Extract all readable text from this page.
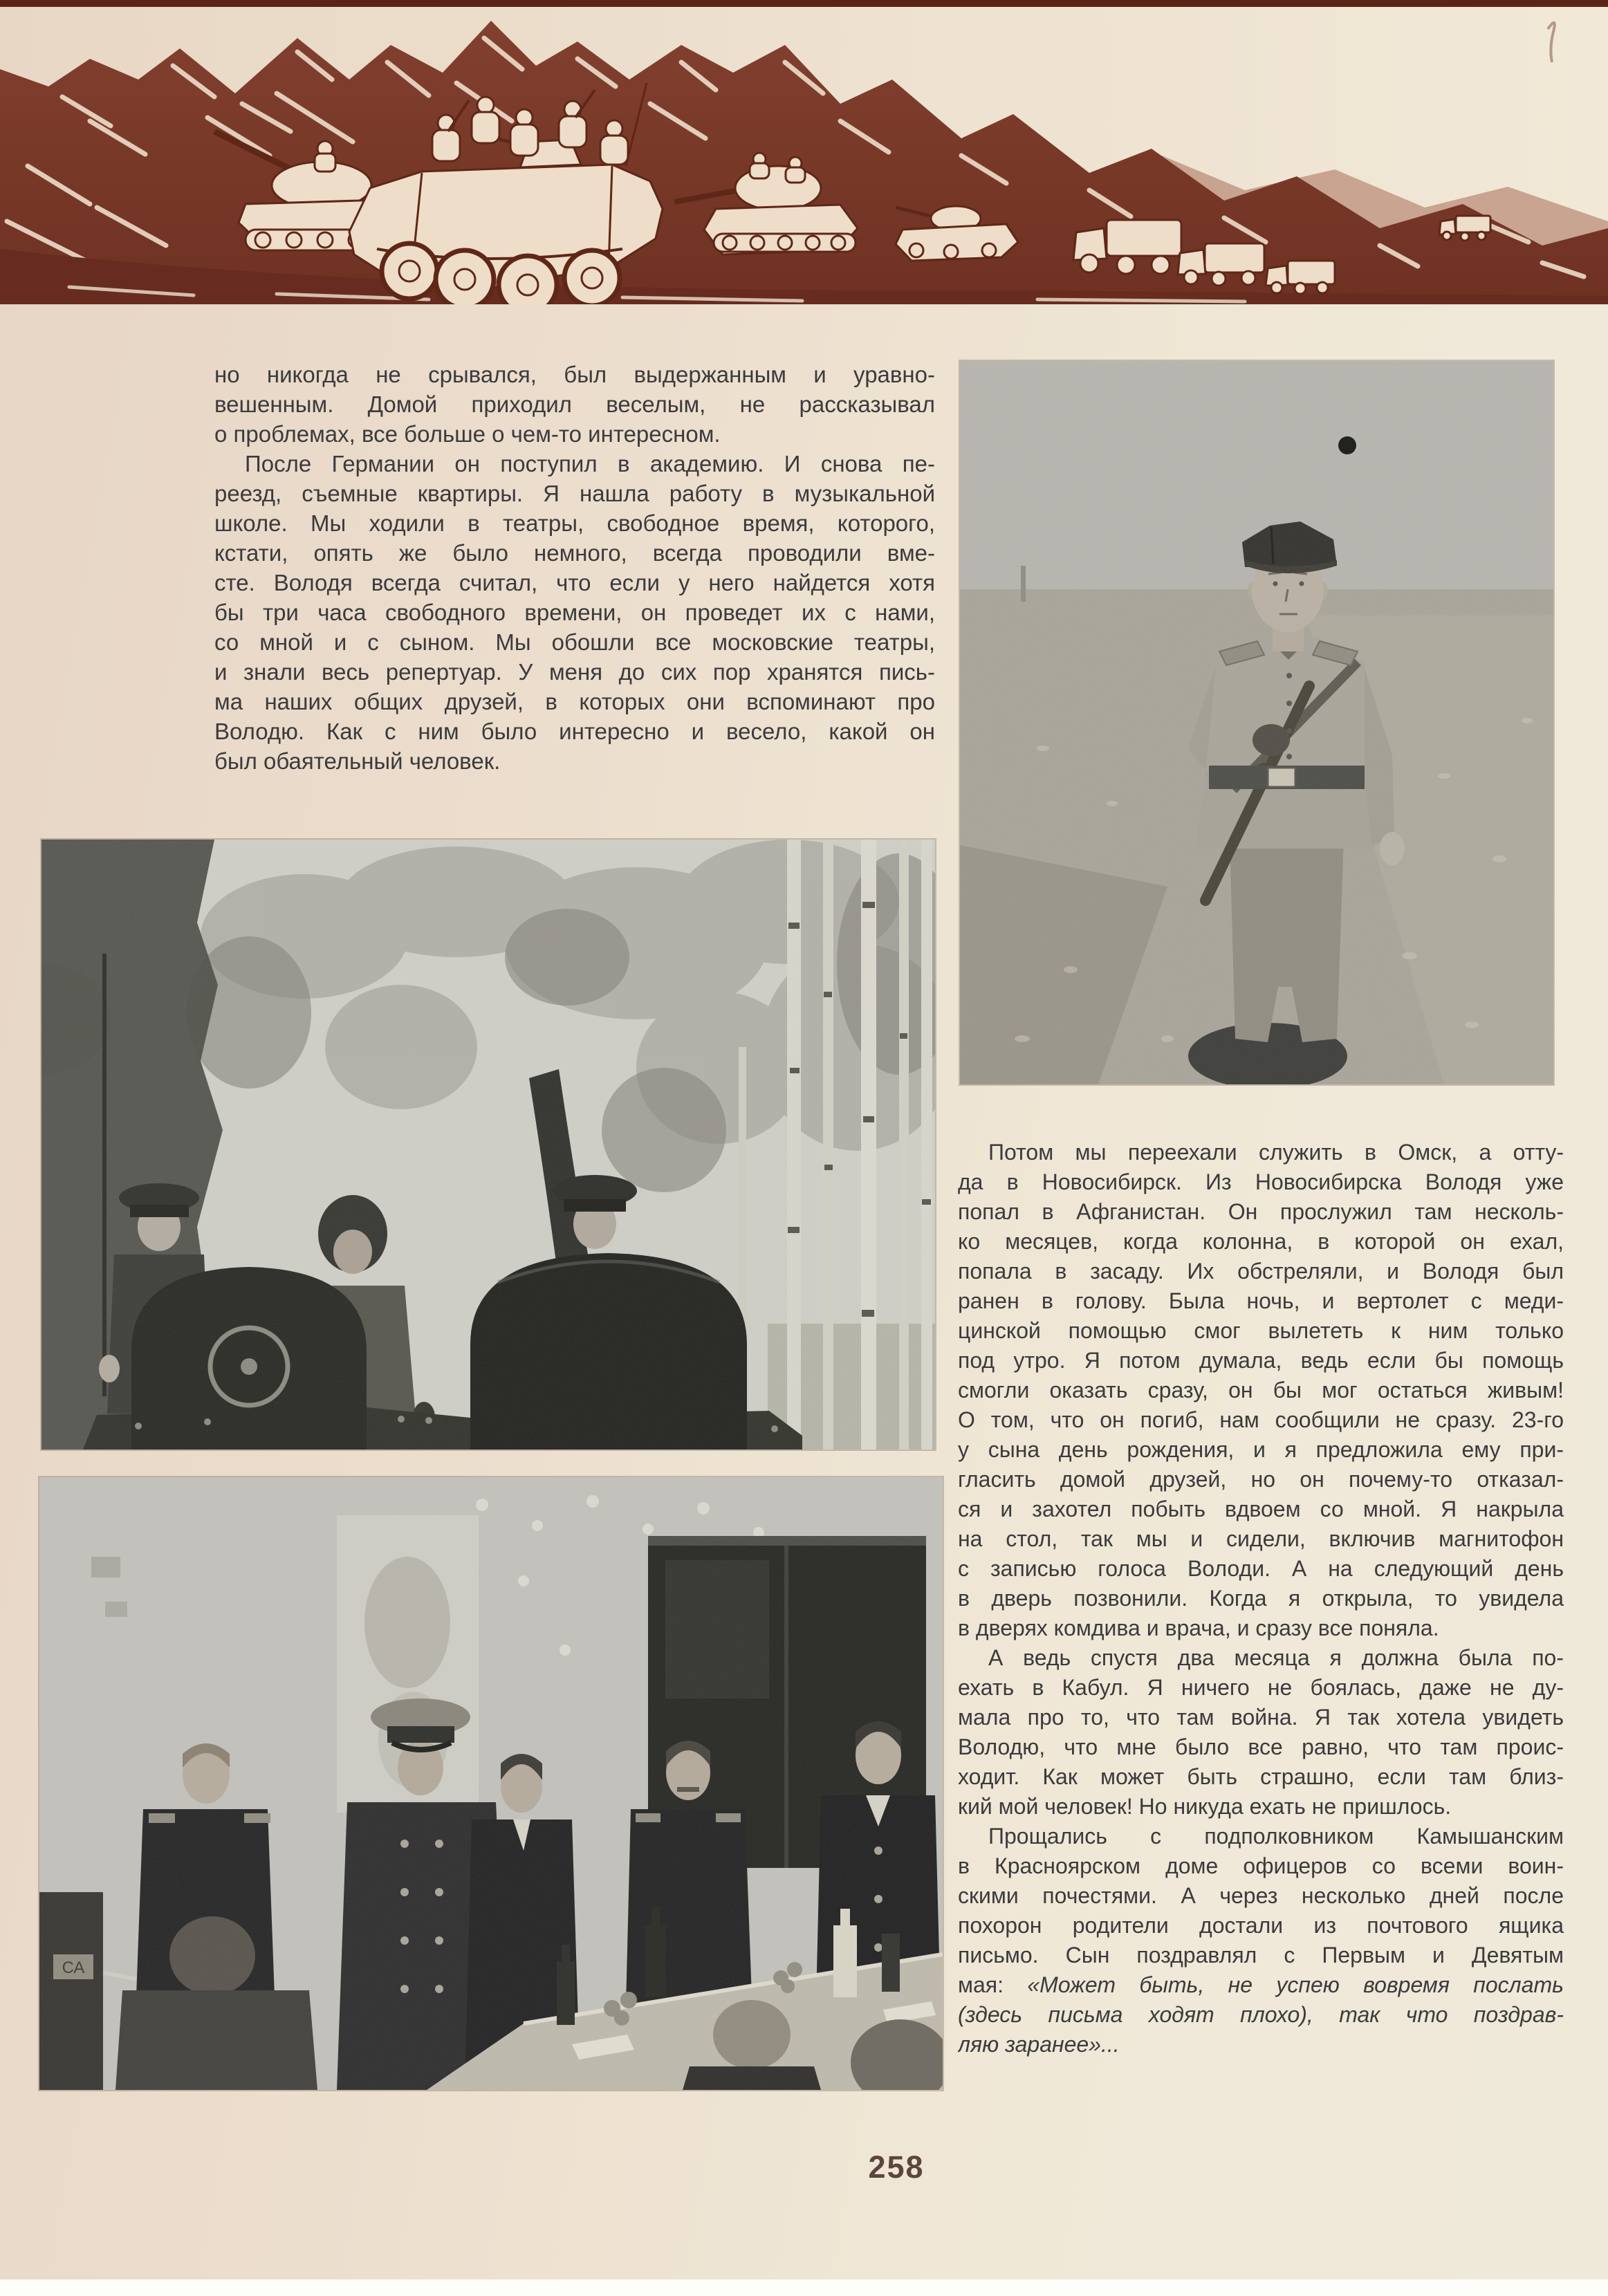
но никогда не срывался, был выдержанным и уравно-
вешенным. Домой приходил веселым, не рассказывал
о проблемах, все больше о чем-то интересном.
После Германии он поступил в академию. И снова пе-
реезд, съемные квартиры. Я нашла работу в музыкальной
школе. Мы ходили в театры, свободное время, которого,
кстати, опять же было немного, всегда проводили вме-
сте. Володя всегда считал, что если у него найдется хотя
бы три часа свободного времени, он проведет их с нами,
со мной и с сыном. Мы обошли все московские театры,
и знали весь репертуар. У меня до сих пор хранятся пись-
ма наших общих друзей, в которых они вспоминают про
Володю. Как с ним было интересно и весело, какой он
был обаятельный человек.
Потом мы переехали служить в Омск, а отту-
да в Новосибирск. Из Новосибирска Володя уже
попал в Афганистан. Он прослужил там несколь-
ко месяцев, когда колонна, в которой он ехал,
попала в засаду. Их обстреляли, и Володя был
ранен в голову. Была ночь, и вертолет с меди-
цинской помощью смог вылететь к ним только
под утро. Я потом думала, ведь если бы помощь
смогли оказать сразу, он бы мог остаться живым!
О том, что он погиб, нам сообщили не сразу. 23-го
у сына день рождения, и я предложила ему при-
гласить домой друзей, но он почему-то отказал-
ся и захотел побыть вдвоем со мной. Я накрыла
на стол, так мы и сидели, включив магнитофон
с записью голоса Володи. А на следующий день
в дверь позвонили. Когда я открыла, то увидела
в дверях комдива и врача, и сразу все поняла.
А ведь спустя два месяца я должна была по-
ехать в Кабул. Я ничего не боялась, даже не ду-
мала про то, что там война. Я так хотела увидеть
Володю, что мне было все равно, что там проис-
ходит. Как может быть страшно, если там близ-
кий мой человек! Но никуда ехать не пришлось.
Прощались с подполковником Камышанским
в Красноярском доме офицеров со всеми воин-
скими почестями. А через несколько дней после
похорон родители достали из почтового ящика
письмо. Сын поздравлял с Первым и Девятым
мая: «Может быть, не успею вовремя послать
(здесь письма ходят плохо), так что поздрав-
ляю заранее»...
258
